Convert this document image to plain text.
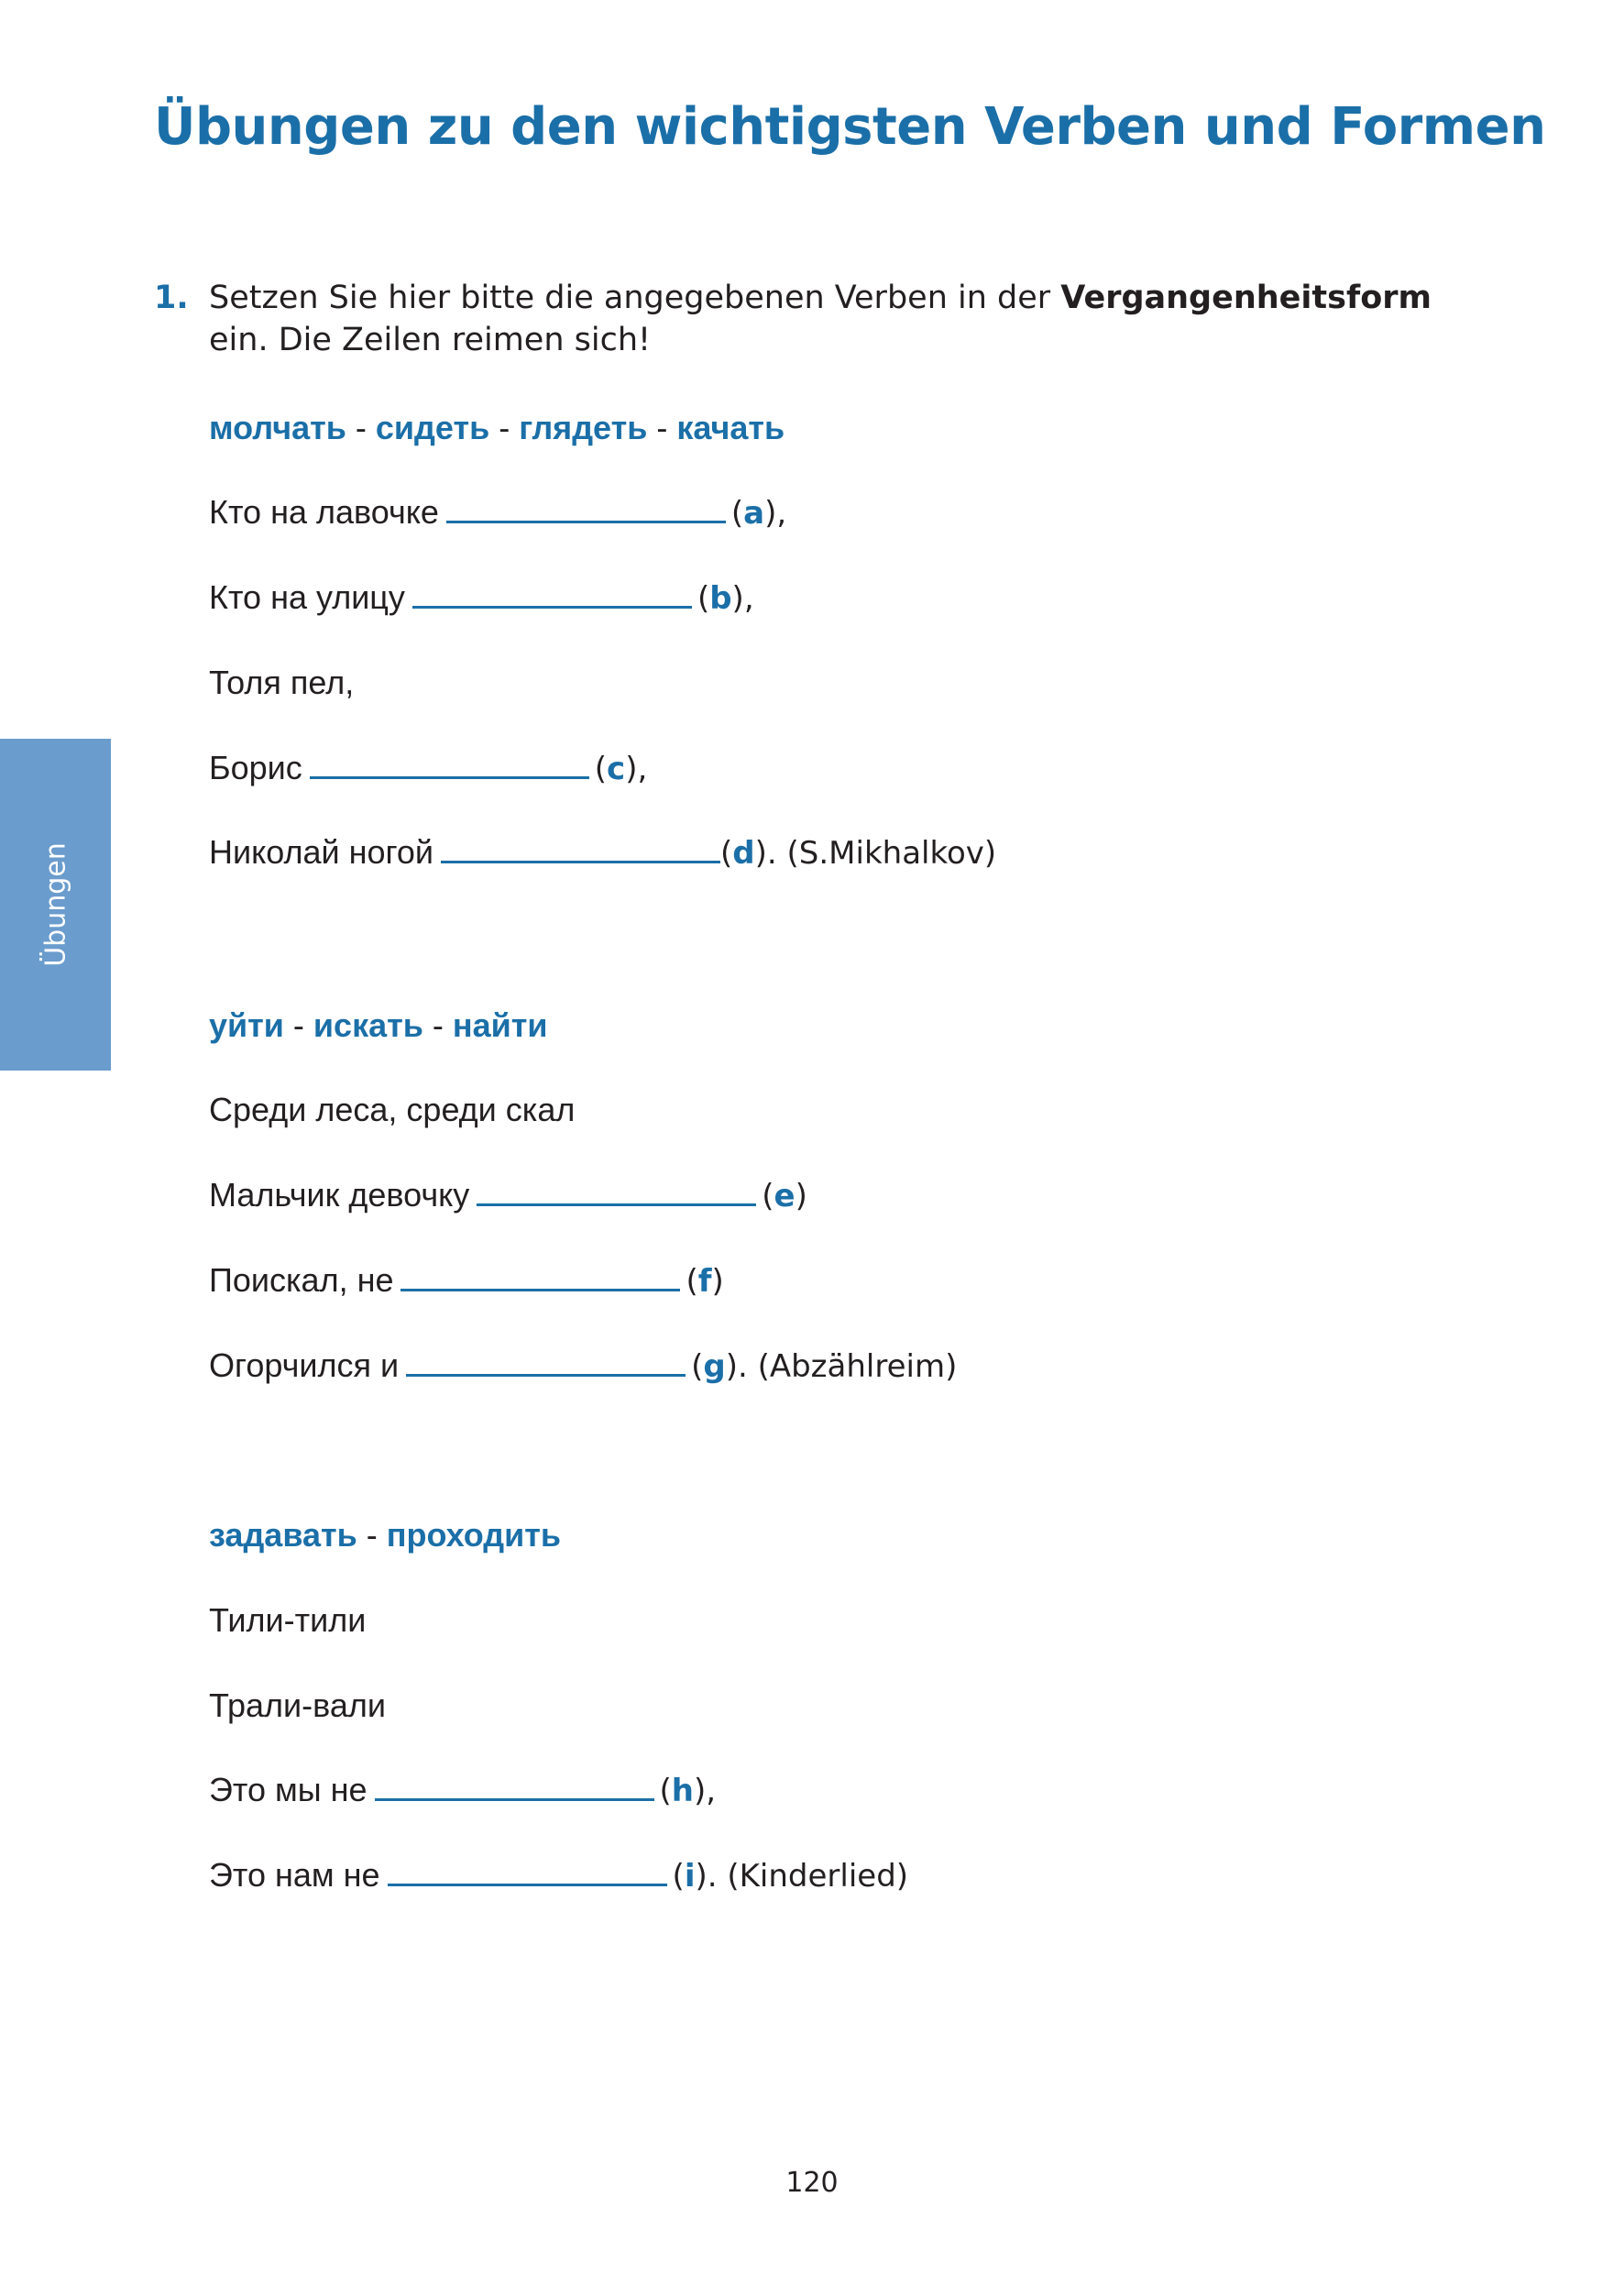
Übungen zu den wichtigsten Verben und Formen
Übungen
1. Setzen Sie hier bitte die angegebenen Verben in der Vergangenheitsform ein. Die Zeilen reimen sich!
молчать - сидеть - глядеть - качать
Кто на лавочке	(a),
Кто на улицу	(b),
Толя пел,
Борис	(c),
Николай ногой	(d). (S.Mikhalkov)
уйти - искать - найти
Среди леса, среди скал
Мальчик девочку	(e)
Поискал, не	(f)
Огорчился и	(g). (Abzählreim)
задавать - проходить
Тили-тили
Трали-вали
Это мы не	(h),
Это нам не	(i). (Kinderlied)
120
